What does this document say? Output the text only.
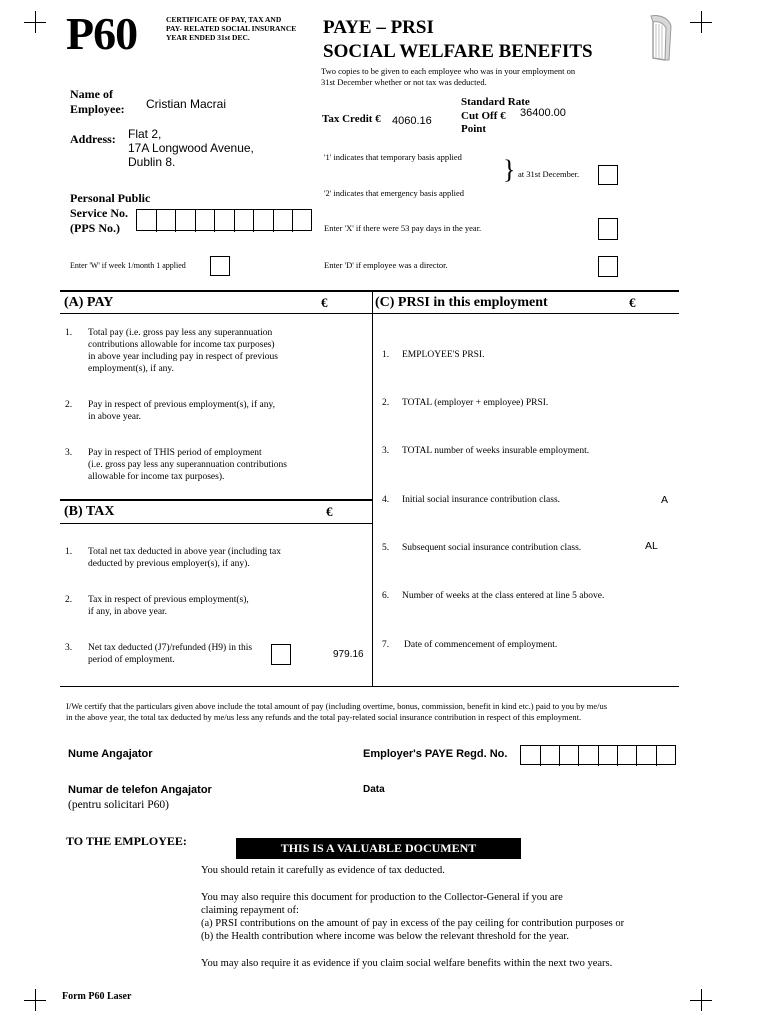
P60	CERTIFICATE OF PAY, TAX AND
PAY- RELATED SOCIAL INSURANCE
YEAR ENDED 31st DEC.	PAYE – PRSI
SOCIAL WELFARE BENEFITS
Two copies to be given to each employee who was in your employment on
31st December whether or not tax was deducted.
Name of
Employee: Cristian Macrai
Address: Flat 2,
17A Longwood Avenue,
Dublin 8.
Personal Public
Service No.
(PPS No.)
Enter 'W' if week 1/month 1 applied
Tax Credit € 4060.16
Standard Rate
Cut Off €
Point
36400.00
'1' indicates that temporary basis applied
'2' indicates that emergency basis applied
} at 31st December.
Enter 'X' if there were 53 pay days in the year.
Enter 'D' if employee was a director.
(A) PAY	€
1. Total pay (i.e. gross pay less any superannuation
contributions allowable for income tax purposes)
in above year including pay in respect of previous
employment(s), if any.
2. Pay in respect of previous employment(s), if any,
in above year.
3. Pay in respect of THIS period of employment
(i.e. gross pay less any superannuation contributions
allowable for income tax purposes).
(B) TAX	€
1. Total net tax deducted in above year (including tax
deducted by previous employer(s), if any).
2. Tax in respect of previous employment(s),
if any, in above year.
3. Net tax deducted (J7)/refunded (H9) in this
period of employment.	979.16
(C) PRSI in this employment	€
1. EMPLOYEE'S PRSI.
2. TOTAL (employer + employee) PRSI.
3. TOTAL number of weeks insurable employment.
4. Initial social insurance contribution class.	A
5. Subsequent social insurance contribution class.	AL
6. Number of weeks at the class entered at line 5 above.
7. Date of commencement of employment.
I/We certify that the particulars given above include the total amount of pay (including overtime, bonus, commission, benefit in kind etc.) paid to you by me/us
in the above year, the total tax deducted by me/us less any refunds and the total pay-related social insurance contribution in respect of this employment.
Nume Angajator	Employer's PAYE Regd. No.
Numar de telefon Angajator
(pentru solicitari P60)
Data
TO THE EMPLOYEE:	THIS IS A VALUABLE DOCUMENT
You should retain it carefully as evidence of tax deducted.
You may also require this document for production to the Collector-General if you are
claiming repayment of:
(a) PRSI contributions on the amount of pay in excess of the pay ceiling for contribution purposes or
(b) the Health contribution where income was below the relevant threshold for the year.
You may also require it as evidence if you claim social welfare benefits within the next two years.
Form P60 Laser
